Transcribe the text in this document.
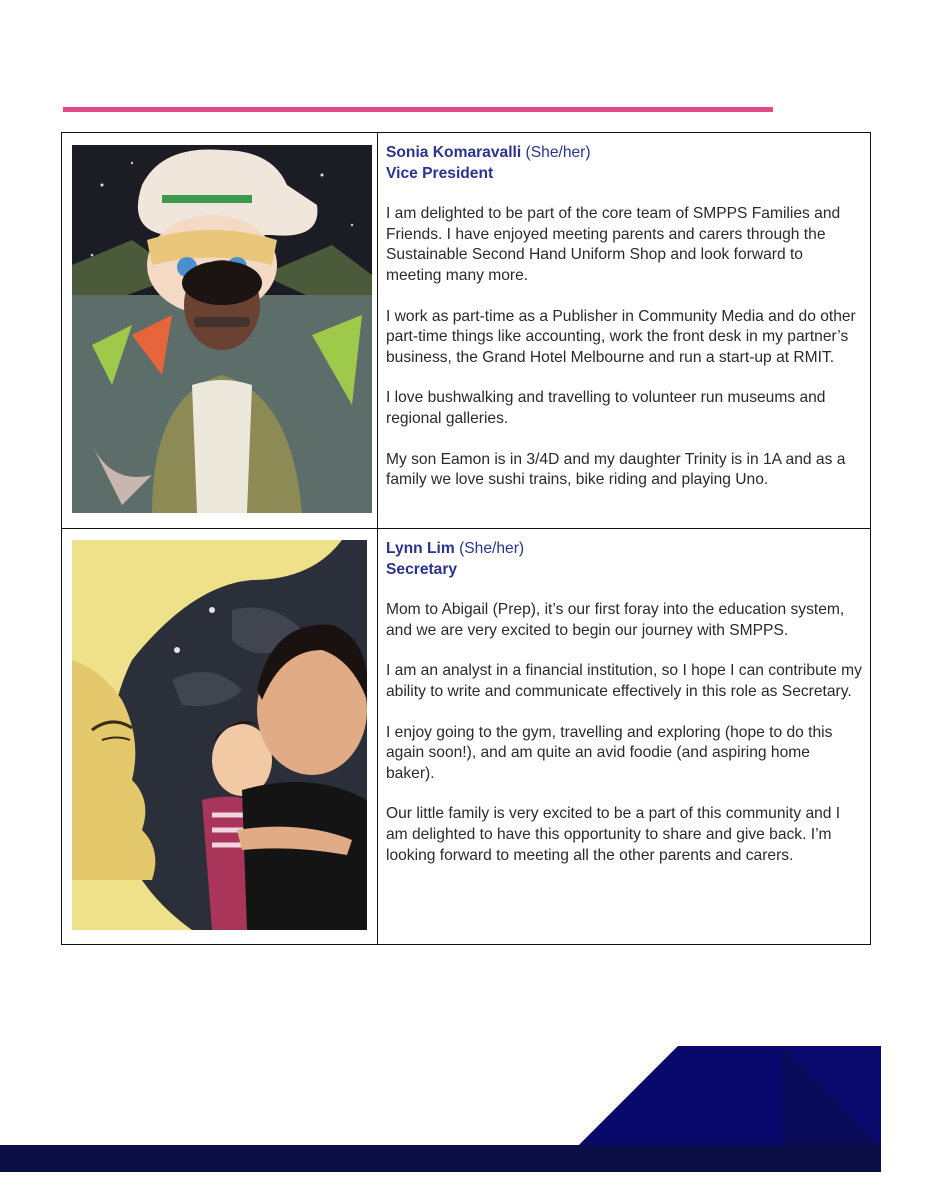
Sonia Komaravalli (She/her)
Vice President

I am delighted to be part of the core team of SMPPS Families and Friends. I have enjoyed meeting parents and carers through the Sustainable Second Hand Uniform Shop and look forward to meeting many more.

I work as part-time as a Publisher in Community Media and do other part-time things like accounting, work the front desk in my partner’s business, the Grand Hotel Melbourne and run a start-up at RMIT.

I love bushwalking and travelling to volunteer run museums and regional galleries.

My son Eamon is in 3/4D and my daughter Trinity is in 1A and as a family we love sushi trains, bike riding and playing Uno.

Lynn Lim (She/her)
Secretary

Mom to Abigail (Prep), it’s our first foray into the education system, and we are very excited to begin our journey with SMPPS.

I am an analyst in a financial institution, so I hope I can contribute my ability to write and communicate effectively in this role as Secretary.

I enjoy going to the gym, travelling and exploring (hope to do this again soon!), and am quite an avid foodie (and aspiring home baker).

Our little family is very excited to be a part of this community and I am delighted to have this opportunity to share and give back. I’m looking forward to meeting all the other parents and carers.
